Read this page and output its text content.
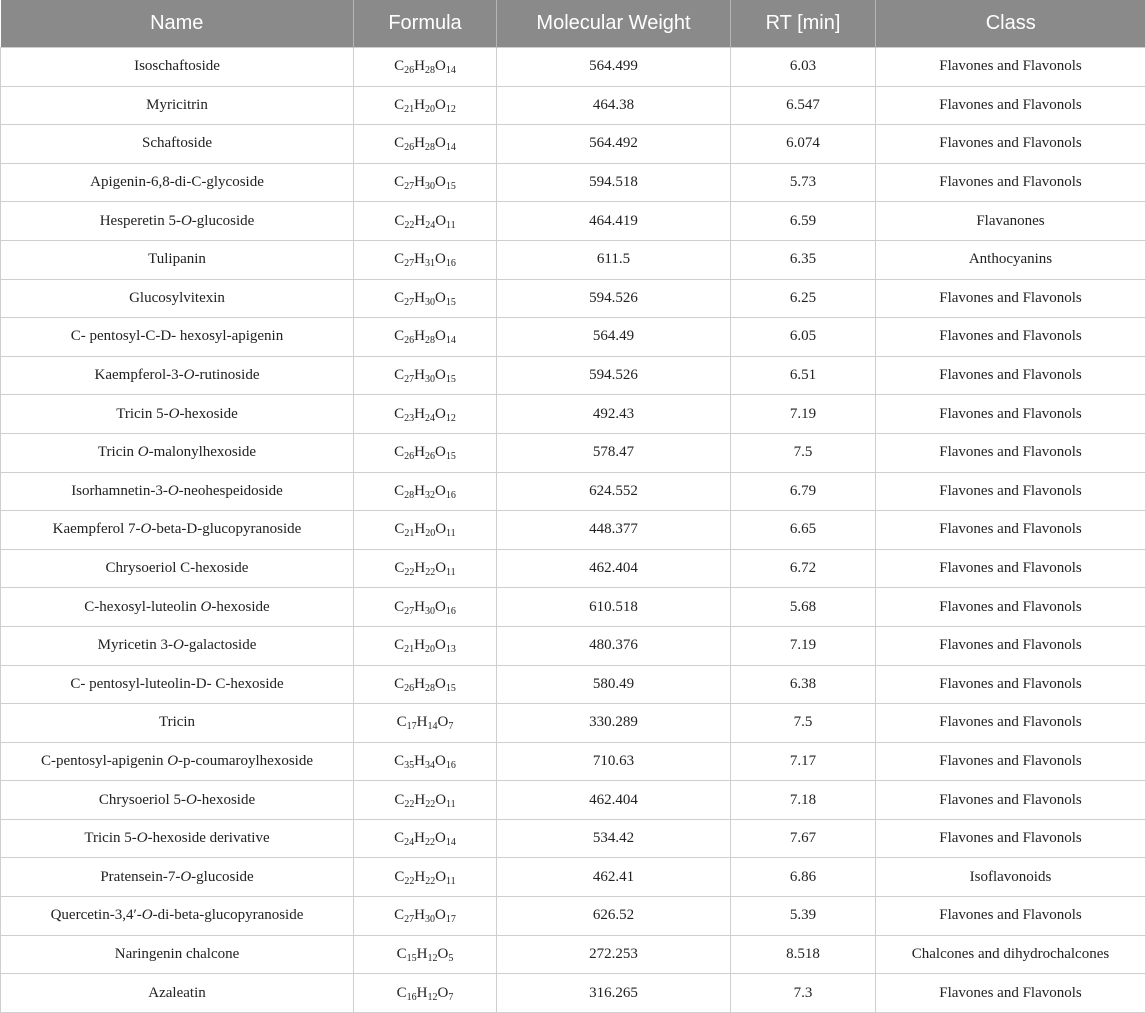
Name	Formula	Molecular Weight	RT [min]	Class
Isoschaftoside	$C_{26}H_{28}O_{14}$	564.499	6.03	Flavones and Flavonols
Myricitrin	$C_{21}H_{20}O_{12}$	464.38	6.547	Flavones and Flavonols
Schaftoside	$C_{26}H_{28}O_{14}$	564.492	6.074	Flavones and Flavonols
Apigenin-6,8-di-C-glycoside	$C_{27}H_{30}O_{15}$	594.518	5.73	Flavones and Flavonols
Hesperetin 5-O-glucoside	$C_{22}H_{24}O_{11}$	464.419	6.59	Flavanones
Tulipanin	$C_{27}H_{31}O_{16}$	611.5	6.35	Anthocyanins
Glucosylvitexin	$C_{27}H_{30}O_{15}$	594.526	6.25	Flavones and Flavonols
C- pentosyl-C-D- hexosyl-apigenin	$C_{26}H_{28}O_{14}$	564.49	6.05	Flavones and Flavonols
Kaempferol-3-O-rutinoside	$C_{27}H_{30}O_{15}$	594.526	6.51	Flavones and Flavonols
Tricin 5-O-hexoside	$C_{23}H_{24}O_{12}$	492.43	7.19	Flavones and Flavonols
Tricin O-malonylhexoside	$C_{26}H_{26}O_{15}$	578.47	7.5	Flavones and Flavonols
Isorhamnetin-3-O-neohespeidoside	$C_{28}H_{32}O_{16}$	624.552	6.79	Flavones and Flavonols
Kaempferol 7-O-beta-D-glucopyranoside	$C_{21}H_{20}O_{11}$	448.377	6.65	Flavones and Flavonols
Chrysoeriol C-hexoside	$C_{22}H_{22}O_{11}$	462.404	6.72	Flavones and Flavonols
C-hexosyl-luteolin O-hexoside	$C_{27}H_{30}O_{16}$	610.518	5.68	Flavones and Flavonols
Myricetin 3-O-galactoside	$C_{21}H_{20}O_{13}$	480.376	7.19	Flavones and Flavonols
C- pentosyl-luteolin-D- C-hexoside	$C_{26}H_{28}O_{15}$	580.49	6.38	Flavones and Flavonols
Tricin	$C_{17}H_{14}O_7$	330.289	7.5	Flavones and Flavonols
C-pentosyl-apigenin O-p-coumaroylhexoside	$C_{35}H_{34}O_{16}$	710.63	7.17	Flavones and Flavonols
Chrysoeriol 5-O-hexoside	$C_{22}H_{22}O_{11}$	462.404	7.18	Flavones and Flavonols
Tricin 5-O-hexoside derivative	$C_{24}H_{22}O_{14}$	534.42	7.67	Flavones and Flavonols
Pratensein-7-O-glucoside	$C_{22}H_{22}O_{11}$	462.41	6.86	Isoflavonoids
Quercetin-3,4′-O-di-beta-glucopyranoside	$C_{27}H_{30}O_{17}$	626.52	5.39	Flavones and Flavonols
Naringenin chalcone	$C_{15}H_{12}O_5$	272.253	8.518	Chalcones and dihydrochalcones
Azaleatin	$C_{16}H_{12}O_7$	316.265	7.3	Flavones and Flavonols
